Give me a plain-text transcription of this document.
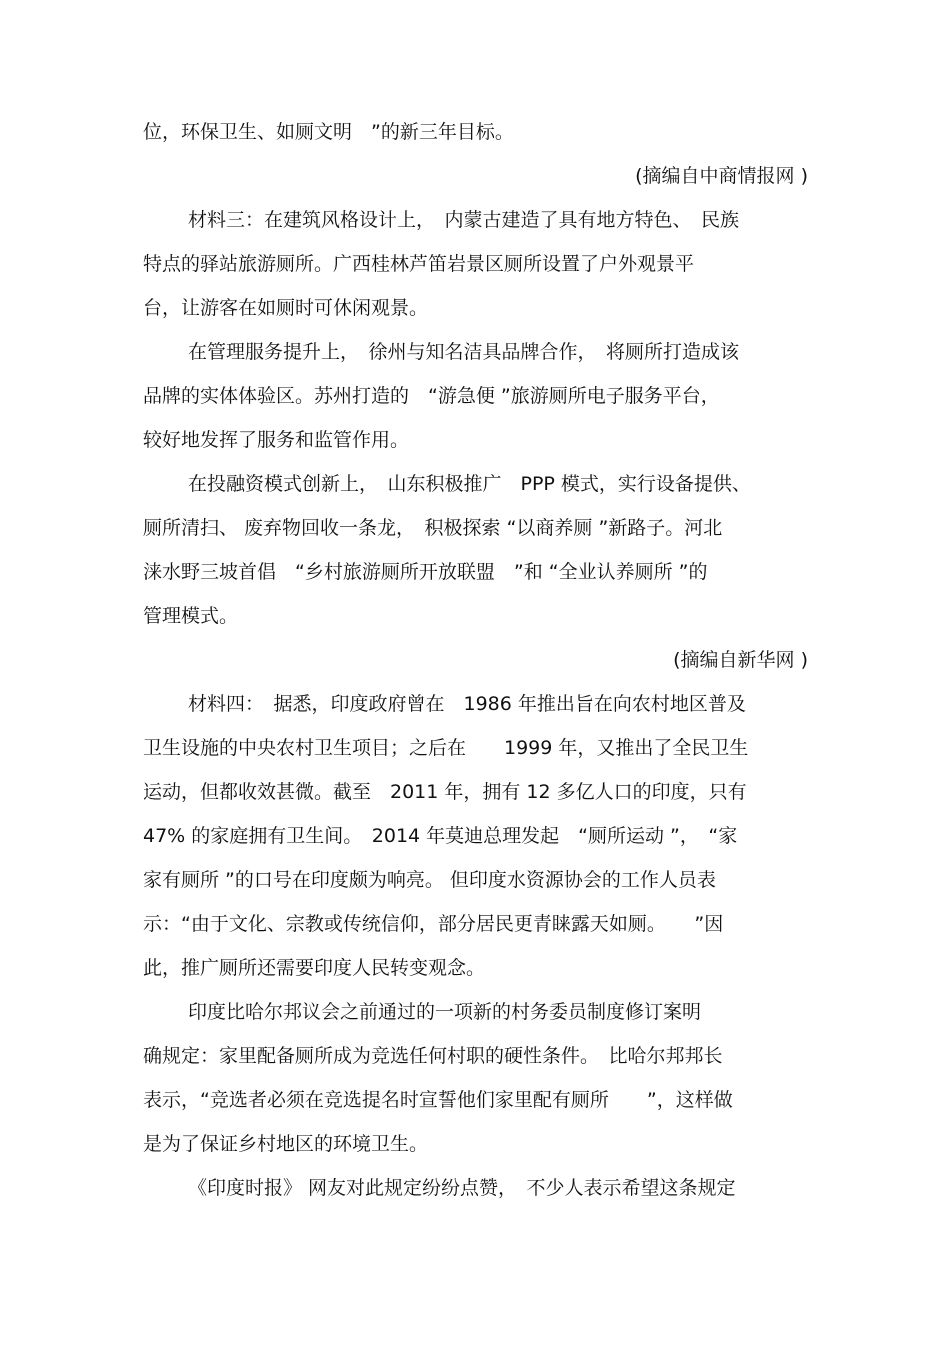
位，环保卫生、如厕文明　”的新三年目标。
(摘编自中商情报网 )
材料三：在建筑风格设计上，　内蒙古建造了具有地方特色、　民族
特点的驿站旅游厕所。广西桂林芦笛岩景区厕所设置了户外观景平
台，让游客在如厕时可休闲观景。
在管理服务提升上，　徐州与知名洁具品牌合作，　将厕所打造成该
品牌的实体体验区。苏州打造的　“游急便 ”旅游厕所电子服务平台，
较好地发挥了服务和监管作用。
在投融资模式创新上，　山东积极推广　PPP 模式，实行设备提供、
厕所清扫、 废弃物回收一条龙，　积极探索 “以商养厕 ”新路子。河北
涞水野三坡首倡　“乡村旅游厕所开放联盟　”和 “全业认养厕所 ”的
管理模式。
(摘编自新华网 )
材料四：　据悉，印度政府曾在　1986 年推出旨在向农村地区普及
卫生设施的中央农村卫生项目；之后在　　1999 年，又推出了全民卫生
运动，但都收效甚微。截至　2011 年，拥有 12 多亿人口的印度，只有
47% 的家庭拥有卫生间。　2014 年莫迪总理发起　“厕所运动 ”，　“家
家有厕所 ”的口号在印度颇为响亮。 但印度水资源协会的工作人员表
示：“由于文化、宗教或传统信仰，部分居民更青睐露天如厕。　　”因
此，推广厕所还需要印度人民转变观念。
印度比哈尔邦议会之前通过的一项新的村务委员制度修订案明
确规定：家里配备厕所成为竞选任何村职的硬性条件。　比哈尔邦邦长
表示，“竞选者必须在竞选提名时宣誓他们家里配有厕所　　”，这样做
是为了保证乡村地区的环境卫生。
《印度时报》 网友对此规定纷纷点赞，　不少人表示希望这条规定
